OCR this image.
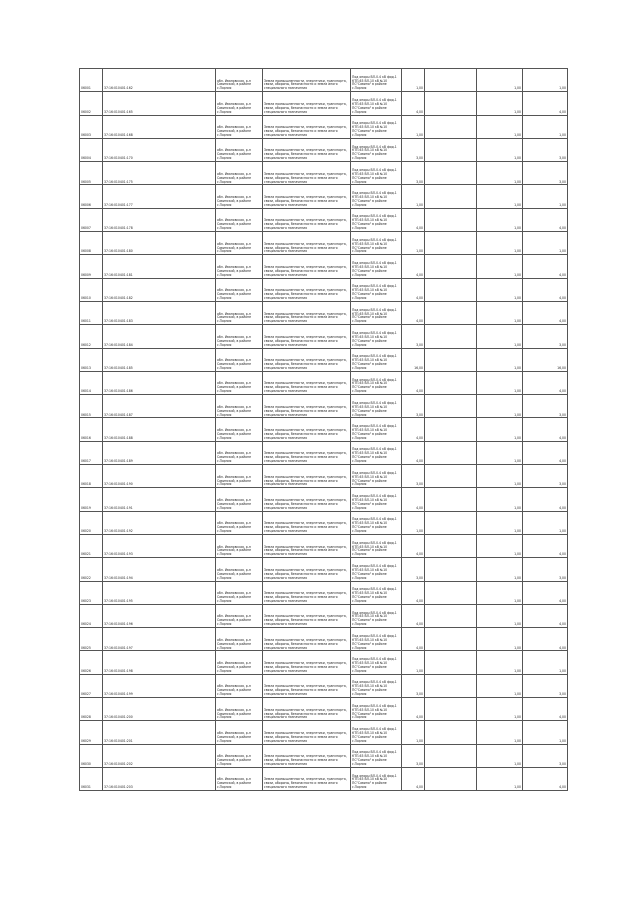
06001	37:16:010401:162	обл. Ивановская, р-н Савинский, в районе с.Порзия	Земли промышленности, энергетики, транспорта, связи, обороны, безопасности и земли иного специального назначения	Под опоры ВЛ-0.4 кВ фид.1 КТП-63 ВЛ-10 кВ №10 ПС"Савино" в районе с.Порзия	1,00		1,00	1,00
06002	37:16:010401:165	обл. Ивановская, р-н Савинский, в районе с.Порзия	Земли промышленности, энергетики, транспорта, связи, обороны, безопасности и земли иного специального назначения	Под опоры ВЛ-0.4 кВ фид.1 КТП-63 ВЛ-10 кВ №10 ПС"Савино" в районе с.Порзия	4,00		1,00	4,00
06003	37:16:010401:168	обл. Ивановская, р-н Савинский, в районе с.Порзия	Земли промышленности, энергетики, транспорта, связи, обороны, безопасности и земли иного специального назначения	Под опоры ВЛ-0.4 кВ фид.1 КТП-63 ВЛ-10 кВ №10 ПС"Савино" в районе с.Порзия	1,00		1,00	1,00
06004	37:16:010401:170	обл. Ивановская, р-н Савинский, в районе с.Порзия	Земли промышленности, энергетики, транспорта, связи, обороны, безопасности и земли иного специального назначения	Под опоры ВЛ-0.4 кВ фид.1 КТП-63 ВЛ-10 кВ №10 ПС"Савино" в районе с.Порзия	3,00		1,00	3,00
06005	37:16:010401:175	обл. Ивановская, р-н Савинский, в районе с.Порзия	Земли промышленности, энергетики, транспорта, связи, обороны, безопасности и земли иного специального назначения	Под опоры ВЛ-0.4 кВ фид.1 КТП-63 ВЛ-10 кВ №10 ПС"Савино" в районе с.Порзия	3,00		1,00	3,00
06006	37:16:010401:177	обл. Ивановская, р-н Савинский, в районе с.Порзия	Земли промышленности, энергетики, транспорта, связи, обороны, безопасности и земли иного специального назначения	Под опоры ВЛ-0.4 кВ фид.1 КТП-63 ВЛ-10 кВ №10 ПС"Савино" в районе с.Порзия	1,00		1,00	1,00
06007	37:16:010401:178	обл. Ивановская, р-н Савинский, в районе с.Порзия	Земли промышленности, энергетики, транспорта, связи, обороны, безопасности и земли иного специального назначения	Под опоры ВЛ-0.4 кВ фид.1 КТП-63 ВЛ-10 кВ №10 ПС"Савино" в районе с.Порзия	4,00		1,00	4,00
06008	37:16:010401:180	обл. Ивановская, р-н Савинский, в районе с.Порзия	Земли промышленности, энергетики, транспорта, связи, обороны, безопасности и земли иного специального назначения	Под опоры ВЛ-0.4 кВ фид.1 КТП-63 ВЛ-10 кВ №10 ПС"Савино" в районе с.Порзия	1,00		1,00	1,00
06009	37:16:010401:181	обл. Ивановская, р-н Савинский, в районе с.Порзия	Земли промышленности, энергетики, транспорта, связи, обороны, безопасности и земли иного специального назначения	Под опоры ВЛ-0.4 кВ фид.1 КТП-63 ВЛ-10 кВ №10 ПС"Савино" в районе с.Порзия	4,00		1,00	4,00
06010	37:16:010401:182	обл. Ивановская, р-н Савинский, в районе с.Порзия	Земли промышленности, энергетики, транспорта, связи, обороны, безопасности и земли иного специального назначения	Под опоры ВЛ-0.4 кВ фид.1 КТП-63 ВЛ-10 кВ №10 ПС"Савино" в районе с.Порзия	4,00		1,00	4,00
06011	37:16:010401:183	обл. Ивановская, р-н Савинский, в районе с.Порзия	Земли промышленности, энергетики, транспорта, связи, обороны, безопасности и земли иного специального назначения	Под опоры ВЛ-0.4 кВ фид.1 КТП-63 ВЛ-10 кВ №10 ПС"Савино" в районе с.Порзия	4,00		1,00	4,00
06012	37:16:010401:184	обл. Ивановская, р-н Савинский, в районе с.Порзия	Земли промышленности, энергетики, транспорта, связи, обороны, безопасности и земли иного специального назначения	Под опоры ВЛ-0.4 кВ фид.1 КТП-63 ВЛ-10 кВ №10 ПС"Савино" в районе с.Порзия	3,00		1,00	3,00
06013	37:16:010401:185	обл. Ивановская, р-н Савинский, в районе с.Порзия	Земли промышленности, энергетики, транспорта, связи, обороны, безопасности и земли иного специального назначения	Под опоры ВЛ-0.4 кВ фид.1 КТП-63 ВЛ-10 кВ №10 ПС"Савино" в районе с.Порзия	16,00		1,00	16,00
06014	37:16:010401:186	обл. Ивановская, р-н Савинский, в районе с.Порзия	Земли промышленности, энергетики, транспорта, связи, обороны, безопасности и земли иного специального назначения	Под опоры ВЛ-0.4 кВ фид.1 КТП-63 ВЛ-10 кВ №10 ПС"Савино" в районе с.Порзия	4,00		1,00	4,00
06015	37:16:010401:187	обл. Ивановская, р-н Савинский, в районе с.Порзия	Земли промышленности, энергетики, транспорта, связи, обороны, безопасности и земли иного специального назначения	Под опоры ВЛ-0.4 кВ фид.1 КТП-63 ВЛ-10 кВ №10 ПС"Савино" в районе с.Порзия	3,00		1,00	3,00
06016	37:16:010401:188	обл. Ивановская, р-н Савинский, в районе с.Порзия	Земли промышленности, энергетики, транспорта, связи, обороны, безопасности и земли иного специального назначения	Под опоры ВЛ-0.4 кВ фид.1 КТП-63 ВЛ-10 кВ №10 ПС"Савино" в районе с.Порзия	4,00		1,00	4,00
06017	37:16:010401:189	обл. Ивановская, р-н Савинский, в районе с.Порзия	Земли промышленности, энергетики, транспорта, связи, обороны, безопасности и земли иного специального назначения	Под опоры ВЛ-0.4 кВ фид.1 КТП-63 ВЛ-10 кВ №10 ПС"Савино" в районе с.Порзия	4,00		1,00	4,00
06018	37:16:010401:190	обл. Ивановская, р-н Савинский, в районе с.Порзия	Земли промышленности, энергетики, транспорта, связи, обороны, безопасности и земли иного специального назначения	Под опоры ВЛ-0.4 кВ фид.1 КТП-63 ВЛ-10 кВ №10 ПС"Савино" в районе с.Порзия	3,00		1,00	3,00
06019	37:16:010401:191	обл. Ивановская, р-н Савинский, в районе с.Порзия	Земли промышленности, энергетики, транспорта, связи, обороны, безопасности и земли иного специального назначения	Под опоры ВЛ-0.4 кВ фид.1 КТП-63 ВЛ-10 кВ №10 ПС"Савино" в районе с.Порзия	4,00		1,00	4,00
06020	37:16:010401:192	обл. Ивановская, р-н Савинский, в районе с.Порзия	Земли промышленности, энергетики, транспорта, связи, обороны, безопасности и земли иного специального назначения	Под опоры ВЛ-0.4 кВ фид.1 КТП-63 ВЛ-10 кВ №10 ПС"Савино" в районе с.Порзия	1,00		1,00	1,00
06021	37:16:010401:193	обл. Ивановская, р-н Савинский, в районе с.Порзия	Земли промышленности, энергетики, транспорта, связи, обороны, безопасности и земли иного специального назначения	Под опоры ВЛ-0.4 кВ фид.1 КТП-63 ВЛ-10 кВ №10 ПС"Савино" в районе с.Порзия	4,00		1,00	4,00
06022	37:16:010401:194	обл. Ивановская, р-н Савинский, в районе с.Порзия	Земли промышленности, энергетики, транспорта, связи, обороны, безопасности и земли иного специального назначения	Под опоры ВЛ-0.4 кВ фид.1 КТП-63 ВЛ-10 кВ №10 ПС"Савино" в районе с.Порзия	3,00		1,00	3,00
06023	37:16:010401:195	обл. Ивановская, р-н Савинский, в районе с.Порзия	Земли промышленности, энергетики, транспорта, связи, обороны, безопасности и земли иного специального назначения	Под опоры ВЛ-0.4 кВ фид.1 КТП-63 ВЛ-10 кВ №10 ПС"Савино" в районе с.Порзия	4,00		1,00	4,00
06024	37:16:010401:196	обл. Ивановская, р-н Савинский, в районе с.Порзия	Земли промышленности, энергетики, транспорта, связи, обороны, безопасности и земли иного специального назначения	Под опоры ВЛ-0.4 кВ фид.1 КТП-63 ВЛ-10 кВ №10 ПС"Савино" в районе с.Порзия	4,00		1,00	4,00
06025	37:16:010401:197	обл. Ивановская, р-н Савинский, в районе с.Порзия	Земли промышленности, энергетики, транспорта, связи, обороны, безопасности и земли иного специального назначения	Под опоры ВЛ-0.4 кВ фид.1 КТП-63 ВЛ-10 кВ №10 ПС"Савино" в районе с.Порзия	4,00		1,00	4,00
06026	37:16:010401:198	обл. Ивановская, р-н Савинский, в районе с.Порзия	Земли промышленности, энергетики, транспорта, связи, обороны, безопасности и земли иного специального назначения	Под опоры ВЛ-0.4 кВ фид.1 КТП-63 ВЛ-10 кВ №10 ПС"Савино" в районе с.Порзия	1,00		1,00	1,00
06027	37:16:010401:199	обл. Ивановская, р-н Савинский, в районе с.Порзия	Земли промышленности, энергетики, транспорта, связи, обороны, безопасности и земли иного специального назначения	Под опоры ВЛ-0.4 кВ фид.1 КТП-63 ВЛ-10 кВ №10 ПС"Савино" в районе с.Порзия	3,00		1,00	3,00
06028	37:16:010401:200	обл. Ивановская, р-н Савинский, в районе с.Порзия	Земли промышленности, энергетики, транспорта, связи, обороны, безопасности и земли иного специального назначения	Под опоры ВЛ-0.4 кВ фид.1 КТП-63 ВЛ-10 кВ №10 ПС"Савино" в районе с.Порзия	4,00		1,00	4,00
06029	37:16:010401:201	обл. Ивановская, р-н Савинский, в районе с.Порзия	Земли промышленности, энергетики, транспорта, связи, обороны, безопасности и земли иного специального назначения	Под опоры ВЛ-0.4 кВ фид.1 КТП-63 ВЛ-10 кВ №10 ПС"Савино" в районе с.Порзия	1,00		1,00	1,00
06030	37:16:010401:202	обл. Ивановская, р-н Савинский, в районе с.Порзия	Земли промышленности, энергетики, транспорта, связи, обороны, безопасности и земли иного специального назначения	Под опоры ВЛ-0.4 кВ фид.1 КТП-63 ВЛ-10 кВ №10 ПС"Савино" в районе с.Порзия	3,00		1,00	3,00
06031	37:16:010401:203	обл. Ивановская, р-н Савинский, в районе с.Порзия	Земли промышленности, энергетики, транспорта, связи, обороны, безопасности и земли иного специального назначения	Под опоры ВЛ-0.4 кВ фид.1 КТП-63 ВЛ-10 кВ №10 ПС"Савино" в районе с.Порзия	4,00		1,00	4,00
